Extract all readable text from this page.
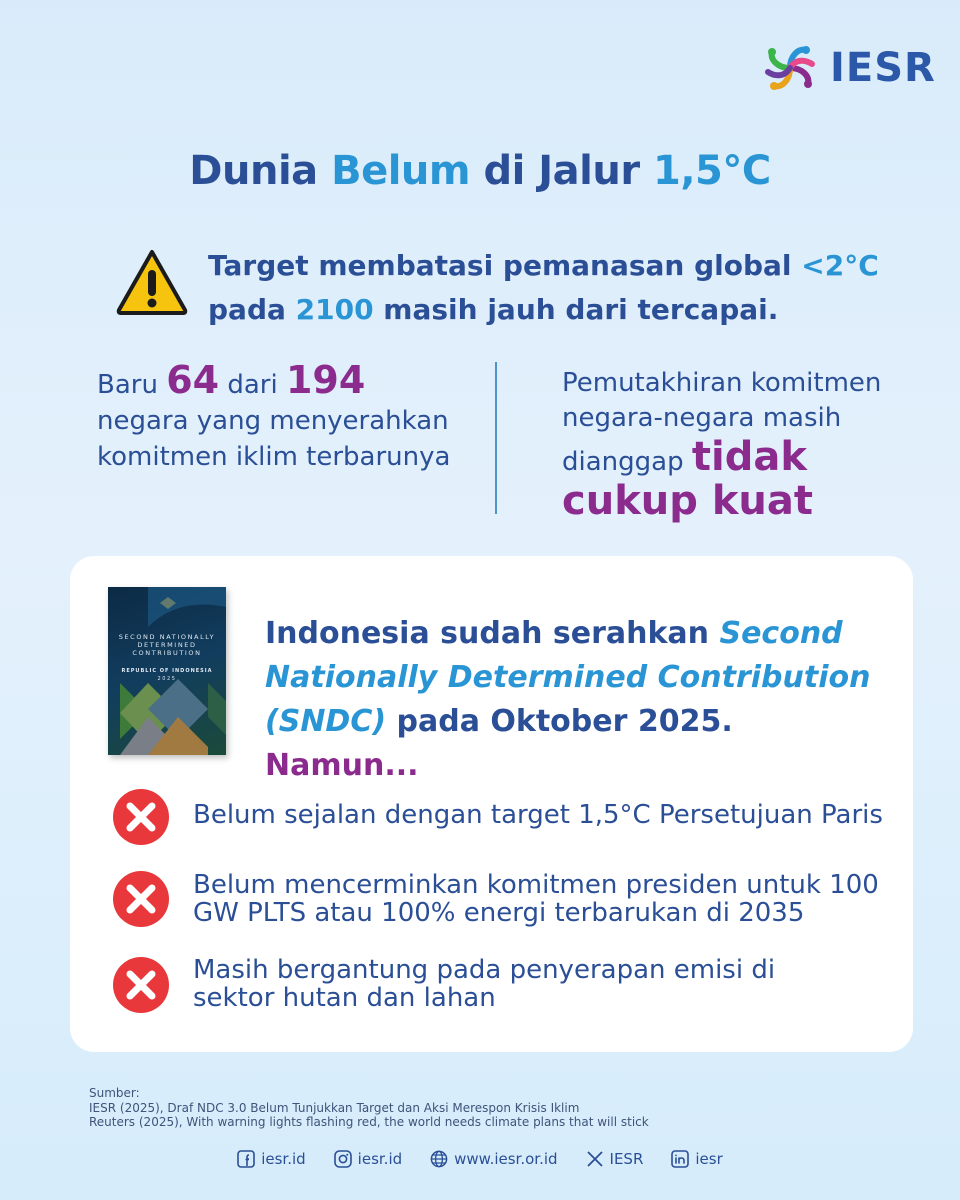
IESR
Dunia Belum di Jalur 1,5°C
Target membatasi pemanasan global <2°C
pada 2100 masih jauh dari tercapai.
Baru 64 dari 194
negara yang menyerahkan komitmen iklim terbarunya
Pemutakhiran komitmen negara-negara masih dianggap tidak
cukup kuat
SECOND NATIONALLY DETERMINED CONTRIBUTION
REPUBLIC OF INDONESIA
2025
Indonesia sudah serahkan Second Nationally Determined Contribution (SNDC) pada Oktober 2025. Namun...
Belum sejalan dengan target 1,5°C Persetujuan Paris
Belum mencerminkan komitmen presiden untuk 100 GW PLTS atau 100% energi terbarukan di 2035
Masih bergantung pada penyerapan emisi di sektor hutan dan lahan
Sumber:
IESR (2025), Draf NDC 3.0 Belum Tunjukkan Target dan Aksi Merespon Krisis Iklim
Reuters (2025), With warning lights flashing red, the world needs climate plans that will stick
iesr.id	iesr.id	www.iesr.or.id	IESR	iesr
